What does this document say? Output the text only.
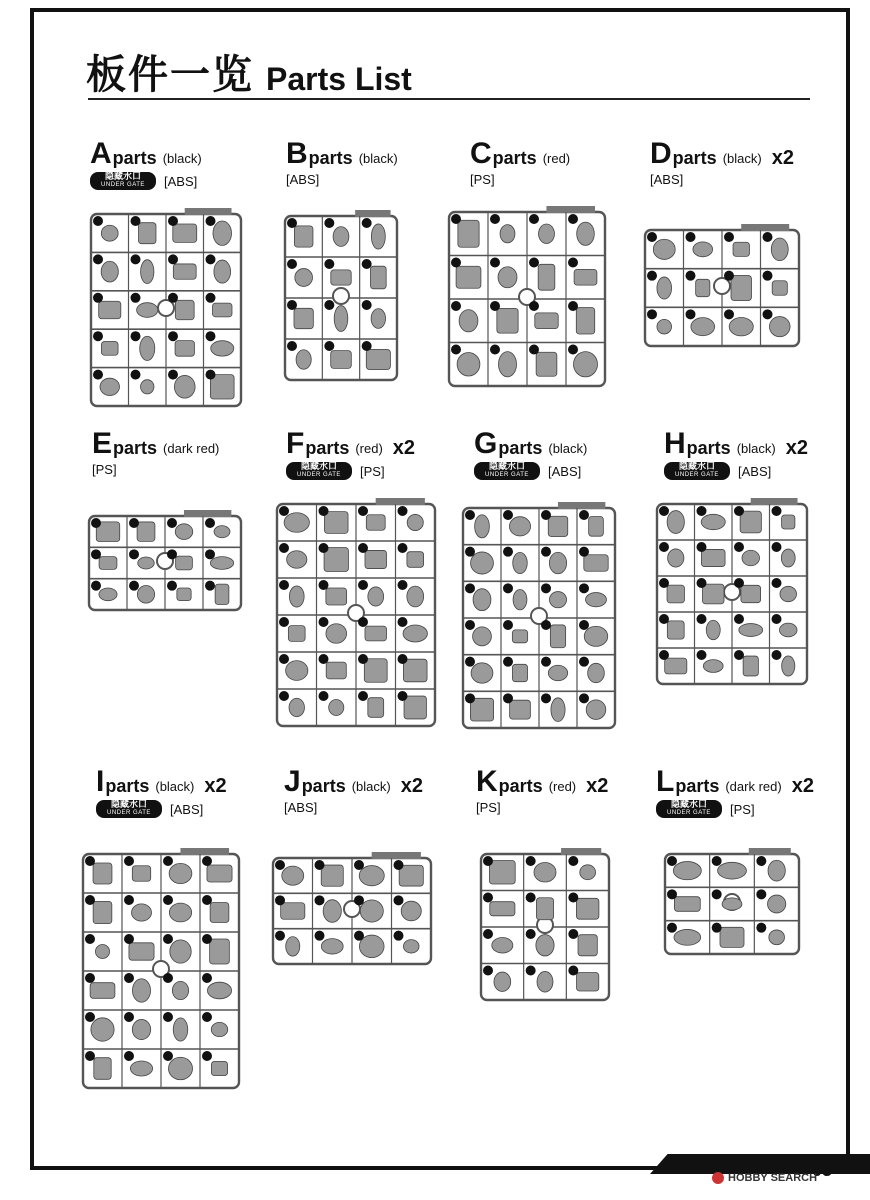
板件一览 Parts List
A parts (black)
隐藏水口
UNDER GATE [ABS]
B parts (black)
[ABS]
C parts (red)
[PS]
D parts (black) x2
[ABS]
E parts (dark red)
[PS]
F parts (red) x2
隐藏水口
UNDER GATE [PS]
G parts (black)
隐藏水口
UNDER GATE [ABS]
H parts (black) x2
隐藏水口
UNDER GATE [ABS]
I parts (black) x2
隐藏水口
UNDER GATE [ABS]
J parts (black) x2
[ABS]
K parts (red) x2
[PS]
L parts (dark red) x2
隐藏水口
UNDER GATE [PS]
03
HOBBY SEARCH
